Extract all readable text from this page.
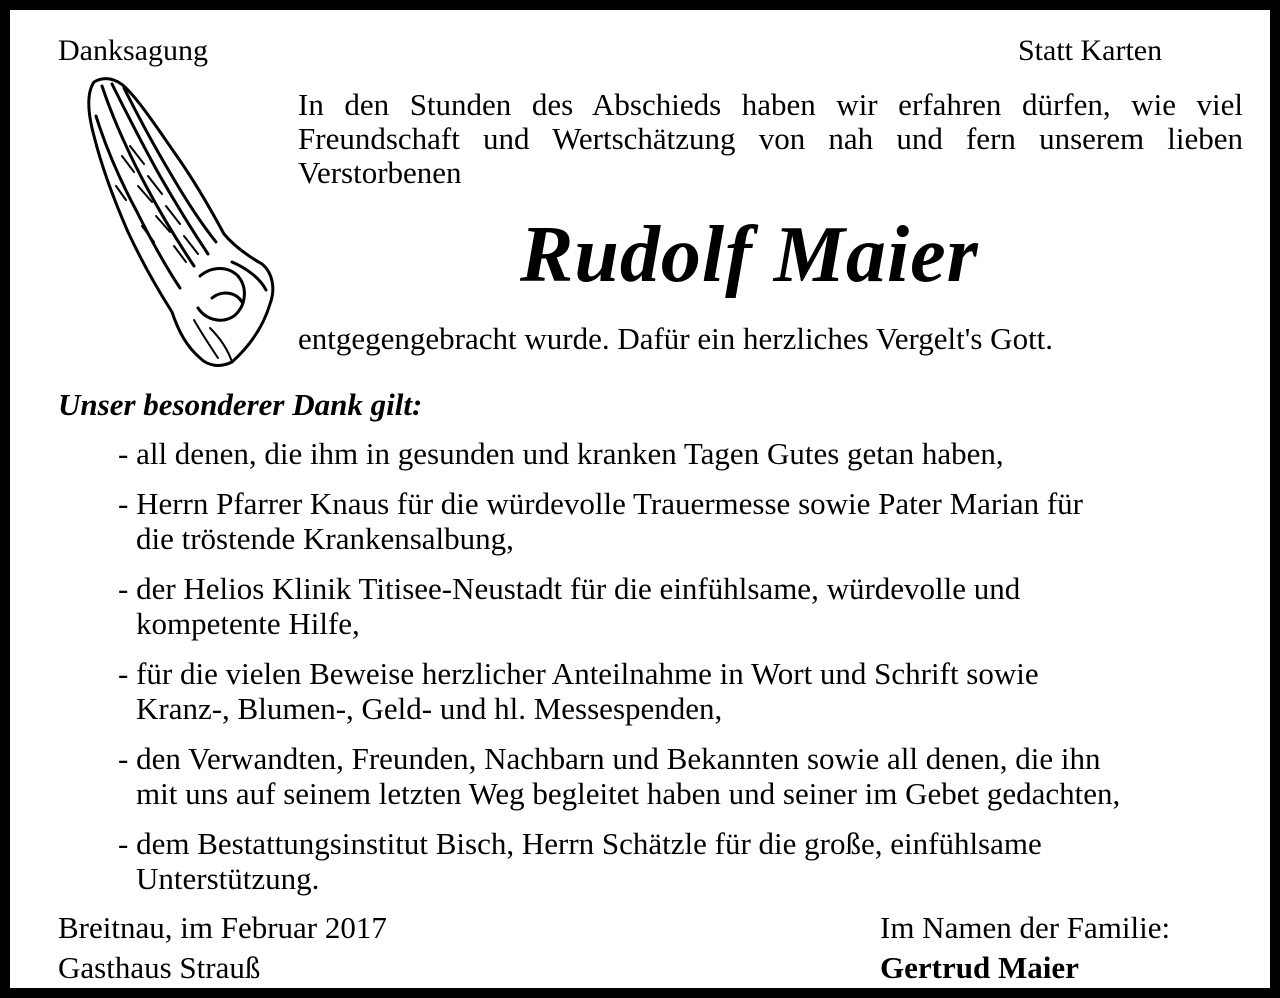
Danksagung	Statt Karten
In den Stunden des Abschieds haben wir erfahren dürfen, wie viel Freundschaft und Wertschätzung von nah und fern unserem lieben Verstorbenen
Rudolf Maier
entgegengebracht wurde. Dafür ein herzliches Vergelt's Gott.
Unser besonderer Dank gilt:
- all denen, die ihm in gesunden und kranken Tagen Gutes getan haben,
- Herrn Pfarrer Knaus für die würdevolle Trauermesse sowie Pater Marian für
die tröstende Krankensalbung,
- der Helios Klinik Titisee-Neustadt für die einfühlsame, würdevolle und
kompetente Hilfe,
- für die vielen Beweise herzlicher Anteilnahme in Wort und Schrift sowie
Kranz-, Blumen-, Geld- und hl. Messespenden,
- den Verwandten, Freunden, Nachbarn und Bekannten sowie all denen, die ihn
mit uns auf seinem letzten Weg begleitet haben und seiner im Gebet gedachten,
- dem Bestattungsinstitut Bisch, Herrn Schätzle für die große, einfühlsame
Unterstützung.
Breitnau, im Februar 2017
Gasthaus Strauß
Im Namen der Familie:
Gertrud Maier
